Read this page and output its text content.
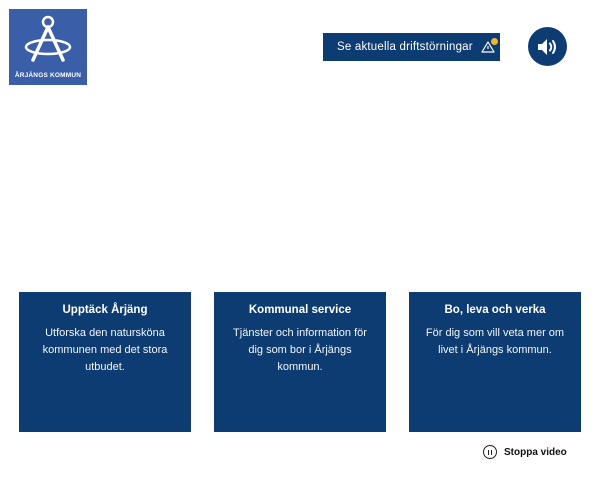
ÅRJÄNGS KOMMUN
Se aktuella driftstörningar
Upptäck Årjäng

Utforska den natursköna kommunen med det stora utbudet.

Kommunal service

Tjänster och information för dig som bor i Årjängs kommun.

Bo, leva och verka

För dig som vill veta mer om livet i Årjängs kommun.

Stoppa video
